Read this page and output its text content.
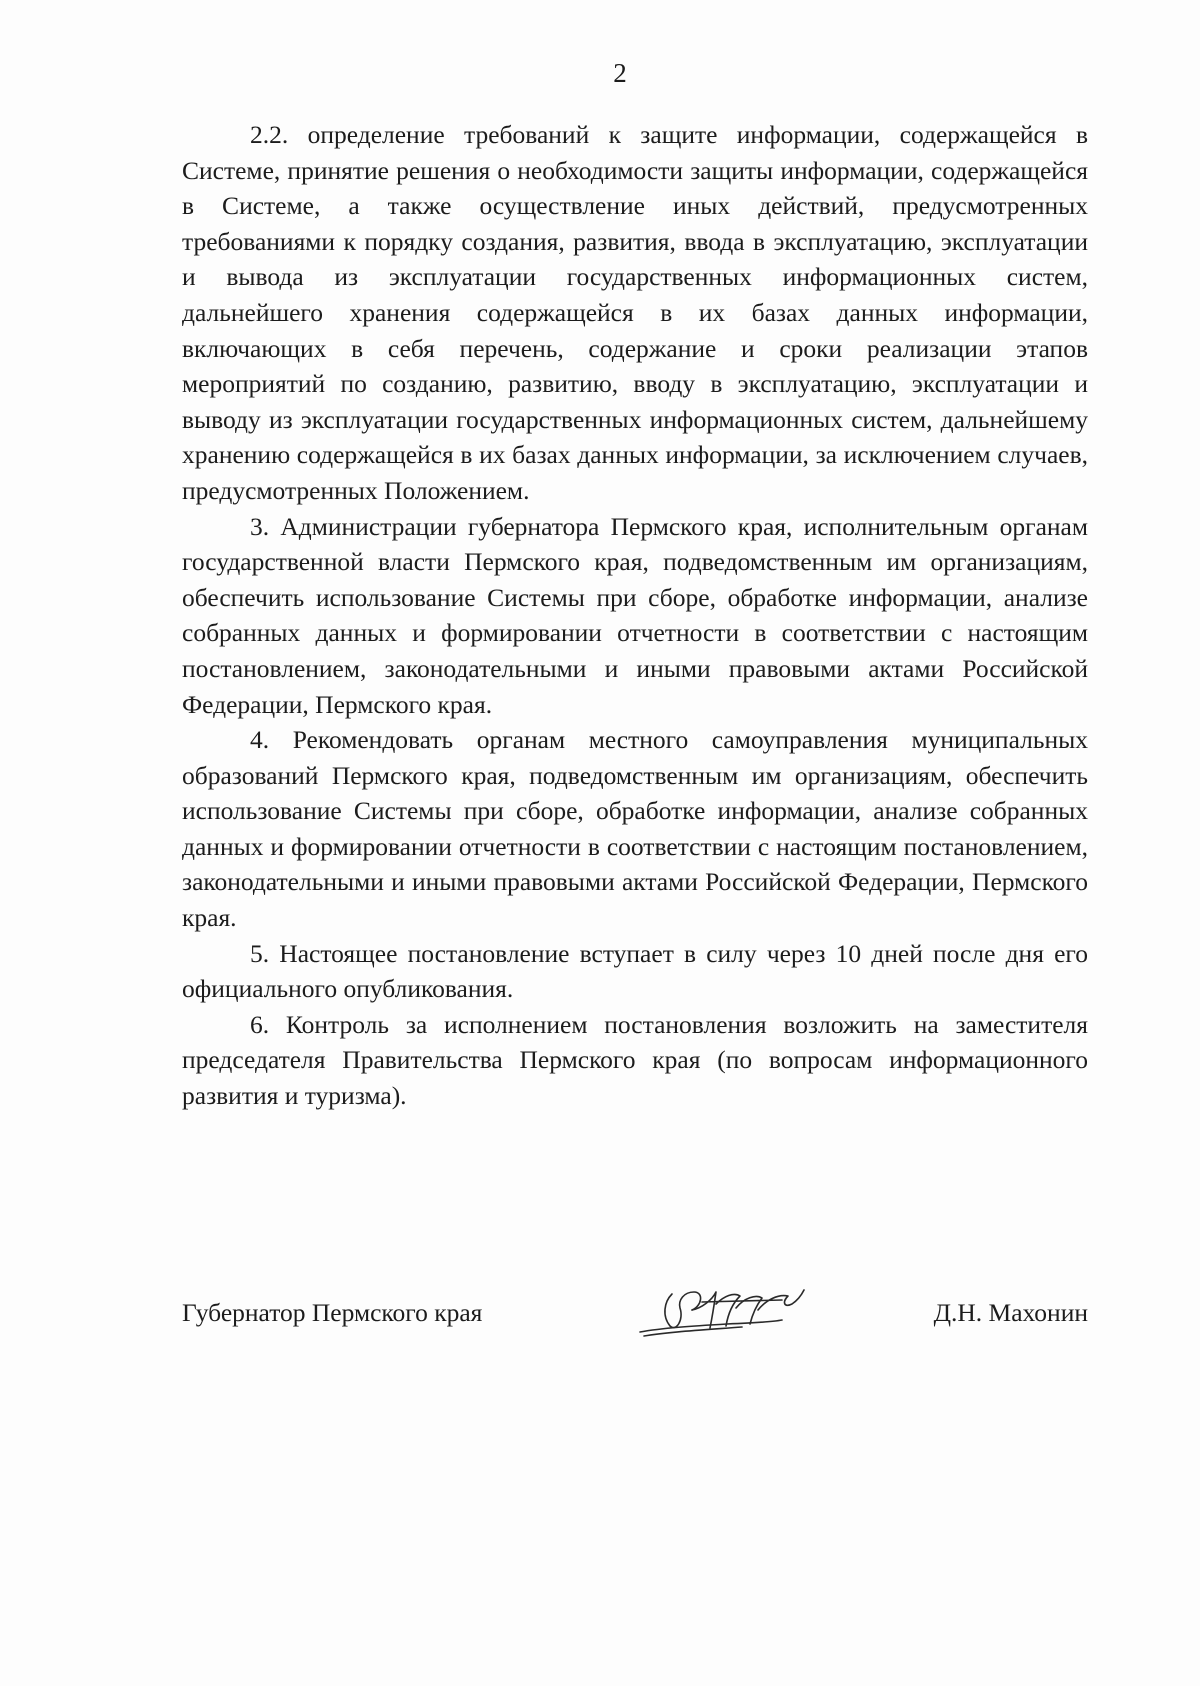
2

2.2. определение требований к защите информации, содержащейся в Системе, принятие решения о необходимости защиты информации, содержащейся в Системе, а также осуществление иных действий, предусмотренных требованиями к порядку создания, развития, ввода в эксплуатацию, эксплуатации и вывода из эксплуатации государственных информационных систем, дальнейшего хранения содержащейся в их базах данных информации, включающих в себя перечень, содержание и сроки реализации этапов мероприятий по созданию, развитию, вводу в эксплуатацию, эксплуатации и выводу из эксплуатации государственных информационных систем, дальнейшему хранению содержащейся в их базах данных информации, за исключением случаев, предусмотренных Положением.

3. Администрации губернатора Пермского края, исполнительным органам государственной власти Пермского края, подведомственным им организациям, обеспечить использование Системы при сборе, обработке информации, анализе собранных данных и формировании отчетности в соответствии с настоящим постановлением, законодательными и иными правовыми актами Российской Федерации, Пермского края.

4. Рекомендовать органам местного самоуправления муниципальных образований Пермского края, подведомственным им организациям, обеспечить использование Системы при сборе, обработке информации, анализе собранных данных и формировании отчетности в соответствии с настоящим постановлением, законодательными и иными правовыми актами Российской Федерации, Пермского края.

5. Настоящее постановление вступает в силу через 10 дней после дня его официального опубликования.

6. Контроль за исполнением постановления возложить на заместителя председателя Правительства Пермского края (по вопросам информационного развития и туризма).

Губернатор Пермского края	Д.Н. Махонин
